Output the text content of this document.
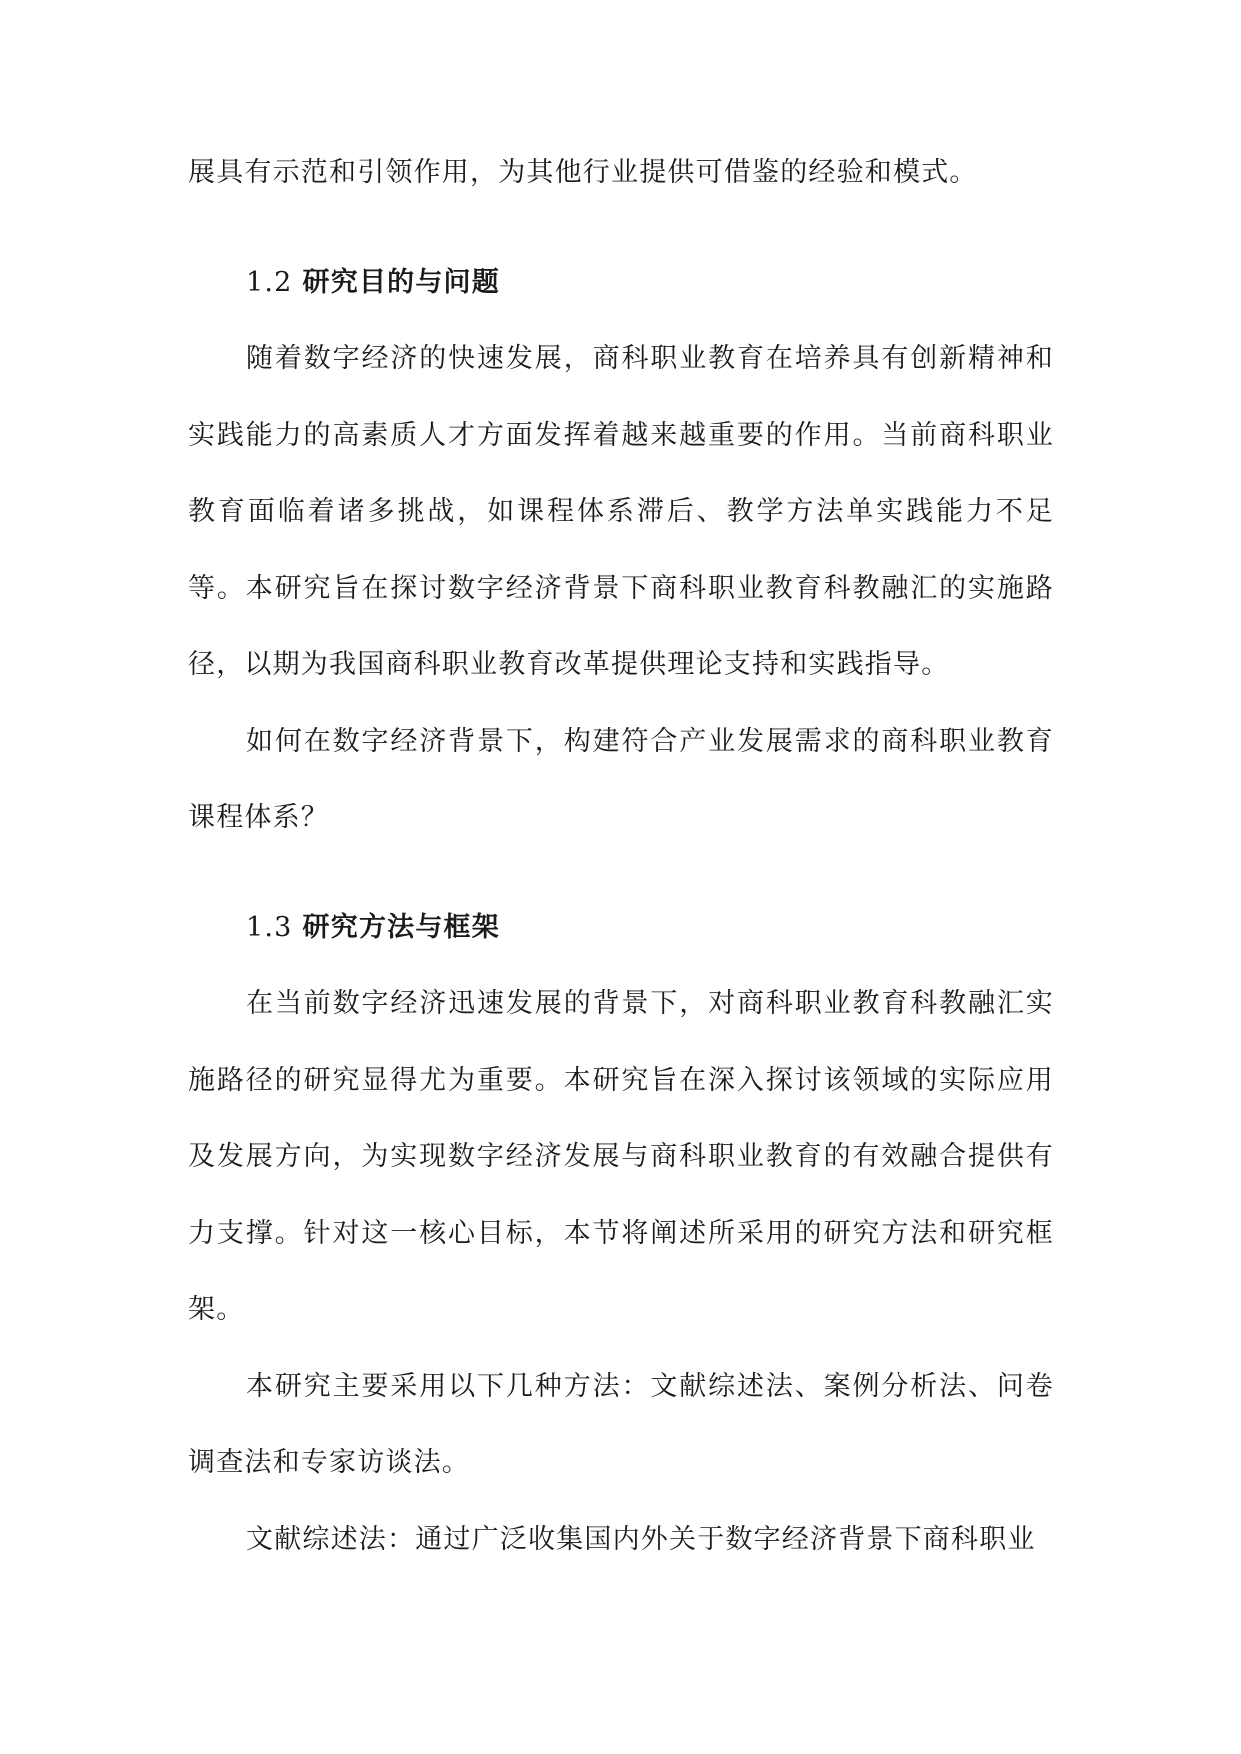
展具有示范和引领作用，为其他行业提供可借鉴的经验和模式。

1.2 研究目的与问题

随着数字经济的快速发展，商科职业教育在培养具有创新精神和实践能力的高素质人才方面发挥着越来越重要的作用。当前商科职业教育面临着诸多挑战，如课程体系滞后、教学方法单实践能力不足等。本研究旨在探讨数字经济背景下商科职业教育科教融汇的实施路径，以期为我国商科职业教育改革提供理论支持和实践指导。

如何在数字经济背景下，构建符合产业发展需求的商科职业教育课程体系？

1.3 研究方法与框架

在当前数字经济迅速发展的背景下，对商科职业教育科教融汇实施路径的研究显得尤为重要。本研究旨在深入探讨该领域的实际应用及发展方向，为实现数字经济发展与商科职业教育的有效融合提供有力支撑。针对这一核心目标，本节将阐述所采用的研究方法和研究框架。

本研究主要采用以下几种方法：文献综述法、案例分析法、问卷调查法和专家访谈法。

文献综述法：通过广泛收集国内外关于数字经济背景下商科职业
